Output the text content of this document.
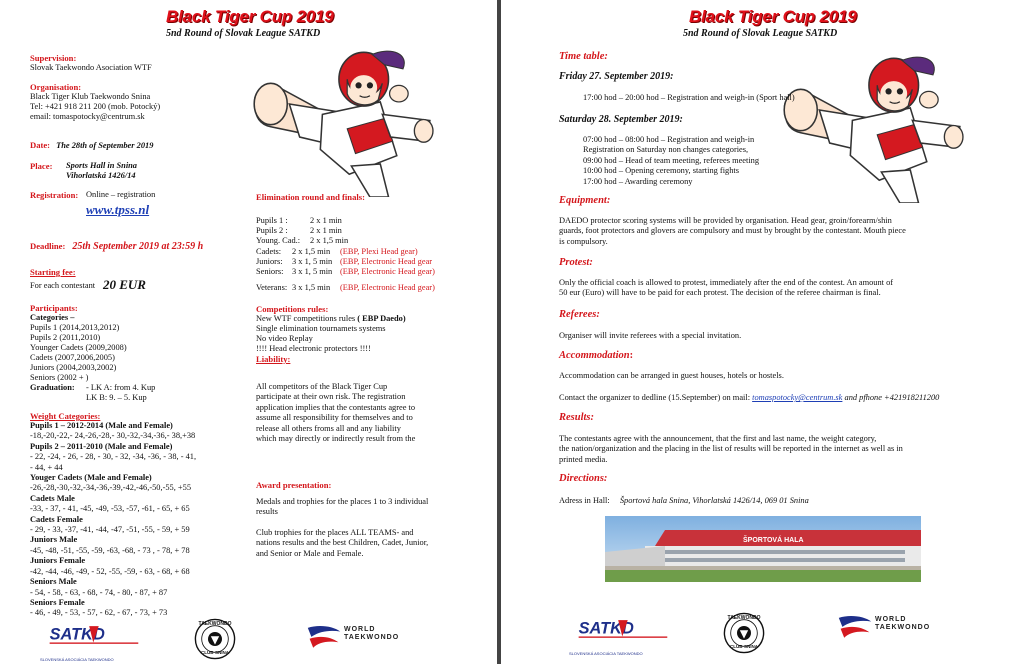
Black Tiger Cup 2019
5nd Round of Slovak League SATKD
Supervision:
Slovak Taekwondo Asociation WTF
Organisation:
Black Tiger Klub Taekwondo Snina
Tel: +421 918 211 200 (mob. Potocký)
email: tomaspotocky@centrum.sk
Date: The 28th of September 2019
Place: Sports Hall in Snina
Vihorlatská 1426/14
Registration: Online – registration
www.tpss.nl
Deadline: 25th September 2019 at 23:59 h
Starting fee:
For each contestant 20 EUR
Participants:
Categories –
Pupils 1 (2014,2013,2012)
Pupils 2 (2011,2010)
Younger Cadets (2009,2008)
Cadets (2007,2006,2005)
Juniors (2004,2003,2002)
Seniors (2002 + )
Graduation: - LK A: from 4. Kup
LK B: 9. – 5. Kup
Weight Categories:
Pupils 1 – 2012-2014 (Male and Female)
-18,-20,-22,- 24,-26,-28,- 30,-32,-34,-36,- 38,+38
Pupils 2 – 2011-2010 (Male and Female)
- 22, -24, - 26, - 28, - 30, - 32, -34, -36, - 38, - 41,
- 44, + 44
Youger Cadets (Male and Female)
-26,-28,-30,-32,-34,-36,-39,-42,-46,-50,-55, +55
Cadets Male
-33, - 37, - 41, -45, -49, -53, -57, -61, - 65, + 65
Cadets Female
- 29, - 33, -37, -41, -44, -47, -51, -55, - 59, + 59
Juniors Male
-45, -48, -51, -55, -59, -63, -68, - 73 , - 78, + 78
Juniors Female
-42, -44, -46, -49, - 52, -55, -59, - 63, - 68, + 68
Seniors Male
- 54, - 58, - 63, - 68, - 74, - 80, - 87, + 87
Seniors Female
- 46, - 49, - 53, - 57, - 62, - 67, - 73, + 73
Elimination round and finals:
Pupils 1 :	2 x 1 min
Pupils 2 :	2 x 1 min
Young. Cad.: 2 x 1,5 min
Cadets: 2 x 1,5 min (EBP, Plexi Head gear)
Juniors: 3 x 1, 5 min (EBP, Electronic Head gear
Seniors: 3 x 1, 5 min (EBP, Electronic Head gear)
Veterans: 3 x 1,5 min (EBP, Electronic Head gear)
Competitions rules:
New WTF competitions rules ( EBP Daedo)
Single elimination tournamets systems
No video Replay
!!!! Head electronic protectors !!!!
Liability:
All competitors of the Black Tiger Cup
participate at their own risk. The registration
application implies that the contestants agree to
assume all responsibility for themselves and to
release all others froms all and any liability
which may directly or indirectly result from the
Award presentation:
Medals and trophies for the places 1 to 3 individual
results
Club trophies for the places ALL TEAMS- and
nations results and the best Children, Cadet, Junior,
and Senior or Male and Female.
SLOVENSKÁ ASOCIÁCIA TAEKWONDO
TAEKWONDO
CLUB·SNINA
WORLD
TAEKWONDO
Black Tiger Cup 2019
5nd Round of Slovak League SATKD
Time table:
Friday 27. September 2019:
17:00 hod – 20:00 hod – Registration and weigh-in (Sport hall)
Saturday 28. September 2019:
07:00 hod – 08:00 hod – Registration and weigh-in
Registration on Saturday non changes categories,
09:00 hod – Head of team meeting, referees meeting
10:00 hod – Opening ceremony, starting fights
17:00 hod – Awarding ceremony
Equipment:
DAEDO protector scoring systems will be provided by organisation. Head gear, groin/forearm/shin
guards, foot protectors and glovers are compulsory and must by brought by the contestant. Mouth piece
is compulsory.
Protest:
Only the official coach is allowed to protest, immediately after the end of the contest. An amount of
50 eur (Euro) will have to be paid for each protest. The decision of the referee chairman is final.
Referees:
Organiser will invite referees with a special invitation.
Accommodation:
Accommodation can be arranged in guest houses, hotels or hostels.
Contact the organizer to dedline (15.September) on mail: tomaspotocky@centrum.sk and pfhone +421918211200
Results:
The contestants agree with the announcement, that the first and last name, the weight category,
the nation/organization and the placing in the list of results will be reported in the internet as well as in
printed media.
Directions:
Adress in Hall: Športová hala Snina, Vihorlatská 1426/14, 069 01 Snina
ŠPORTOVÁ HALA
SLOVENSKÁ ASOCIÁCIA TAEKWONDO
TAEKWONDO
CLUB·SNINA
WORLD
TAEKWONDO
